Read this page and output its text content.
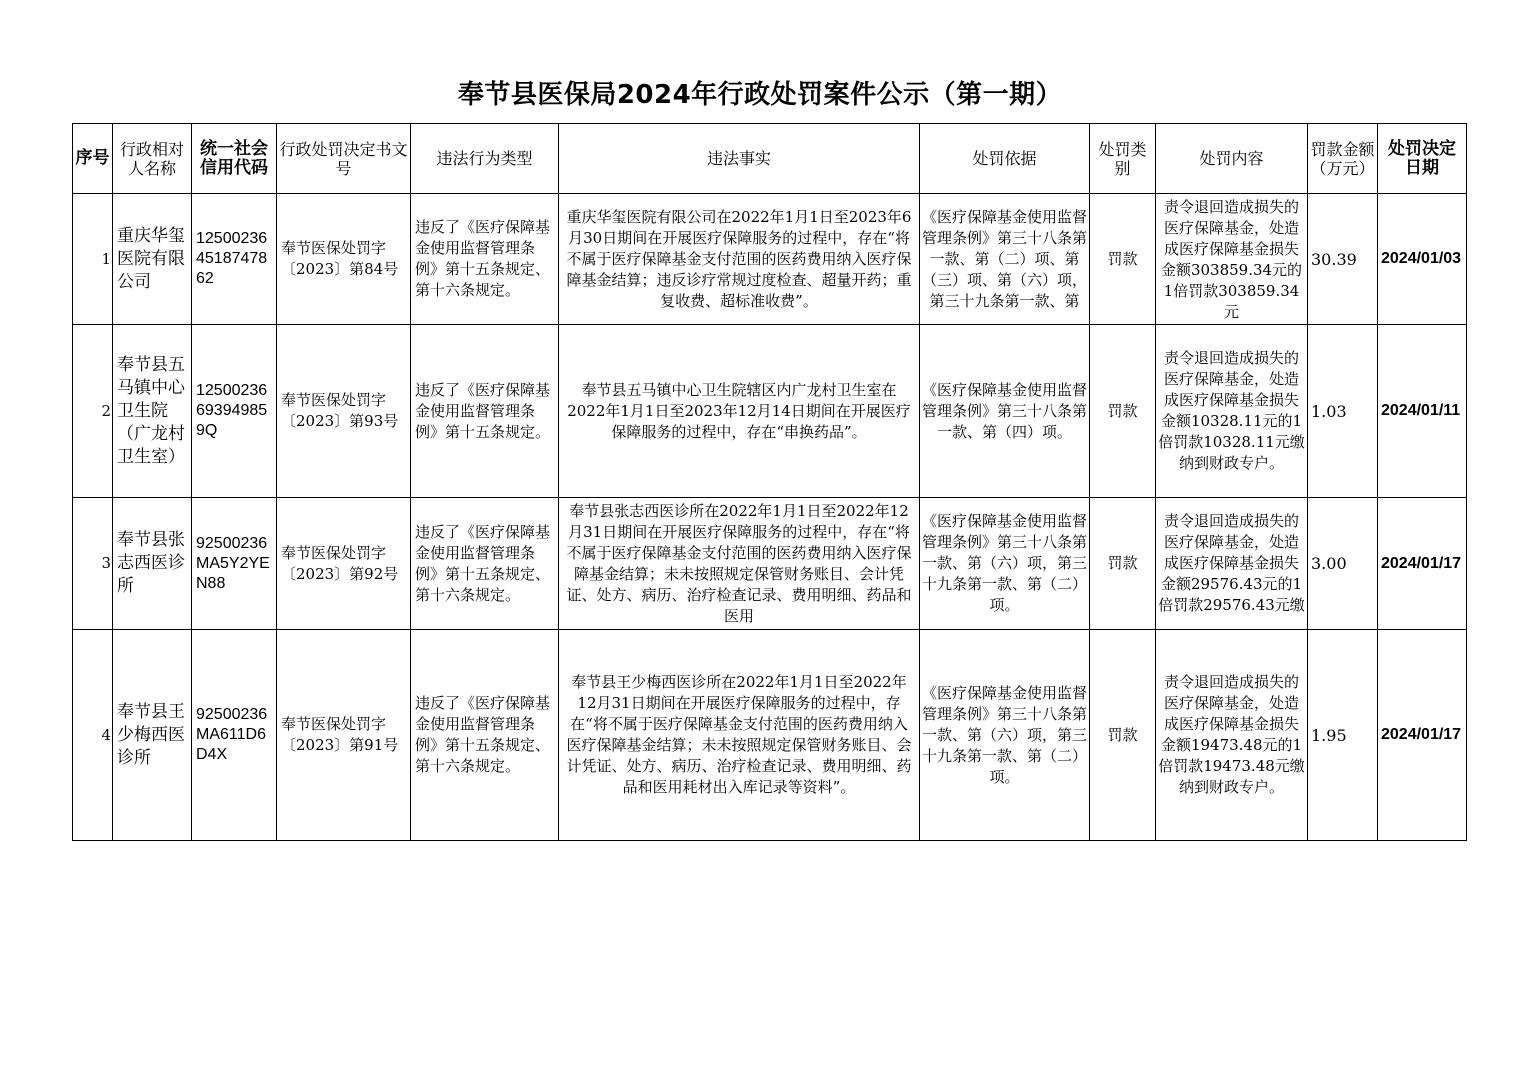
奉节县医保局2024年行政处罚案件公示（第一期）
序号	行政相对人名称	统一社会信用代码	行政处罚决定书文号	违法行为类型	违法事实	处罚依据	处罚类别	处罚内容	罚款金额（万元）	处罚决定日期

1	重庆华玺医院有限公司	125002364518747862	奉节医保处罚字〔2023〕第84号	违反了《医疗保障基金使用监督管理条例》第十五条规定、第十六条规定。	重庆华玺医院有限公司在2022年1月1日至2023年6月30日期间在开展医疗保障服务的过程中，存在“将不属于医疗保障基金支付范围的医药费用纳入医疗保障基金结算；违反诊疗常规过度检查、超量开药；重复收费、超标准收费”。	《医疗保障基金使用监督管理条例》第三十八条第一款、第（二）项、第（三）项、第（六）项，第三十九条第一款、第	罚款	责令退回造成损失的医疗保障基金，处造成医疗保障基金损失金额303859.34元的1倍罚款303859.34元	30.39	2024/01/03

2	奉节县五马镇中心卫生院（广龙村卫生室）	12500236693949859Q	奉节医保处罚字〔2023〕第93号	违反了《医疗保障基金使用监督管理条例》第十五条规定。	奉节县五马镇中心卫生院辖区内广龙村卫生室在2022年1月1日至2023年12月14日期间在开展医疗保障服务的过程中，存在“串换药品”。	《医疗保障基金使用监督管理条例》第三十八条第一款、第（四）项。	罚款	责令退回造成损失的医疗保障基金，处造成医疗保障基金损失金额10328.11元的1倍罚款10328.11元缴纳到财政专户。	1.03	2024/01/11

3	奉节县张志西医诊所	92500236MA5Y2YEN88	奉节医保处罚字〔2023〕第92号	违反了《医疗保障基金使用监督管理条例》第十五条规定、第十六条规定。	奉节县张志西医诊所在2022年1月1日至2022年12月31日期间在开展医疗保障服务的过程中，存在“将不属于医疗保障基金支付范围的医药费用纳入医疗保障基金结算；未未按照规定保管财务账目、会计凭证、处方、病历、治疗检查记录、费用明细、药品和医用	《医疗保障基金使用监督管理条例》第三十八条第一款、第（六）项，第三十九条第一款、第（二）项。	罚款	责令退回造成损失的医疗保障基金，处造成医疗保障基金损失金额29576.43元的1倍罚款29576.43元缴	3.00	2024/01/17

4	奉节县王少梅西医诊所	92500236MA611D6D4X	奉节医保处罚字〔2023〕第91号	违反了《医疗保障基金使用监督管理条例》第十五条规定、第十六条规定。	奉节县王少梅西医诊所在2022年1月1日至2022年12月31日期间在开展医疗保障服务的过程中，存在“将不属于医疗保障基金支付范围的医药费用纳入医疗保障基金结算；未未按照规定保管财务账目、会计凭证、处方、病历、治疗检查记录、费用明细、药品和医用耗材出入库记录等资料”。	《医疗保障基金使用监督管理条例》第三十八条第一款、第（六）项，第三十九条第一款、第（二）项。	罚款	责令退回造成损失的医疗保障基金，处造成医疗保障基金损失金额19473.48元的1倍罚款19473.48元缴纳到财政专户。	1.95	2024/01/17
